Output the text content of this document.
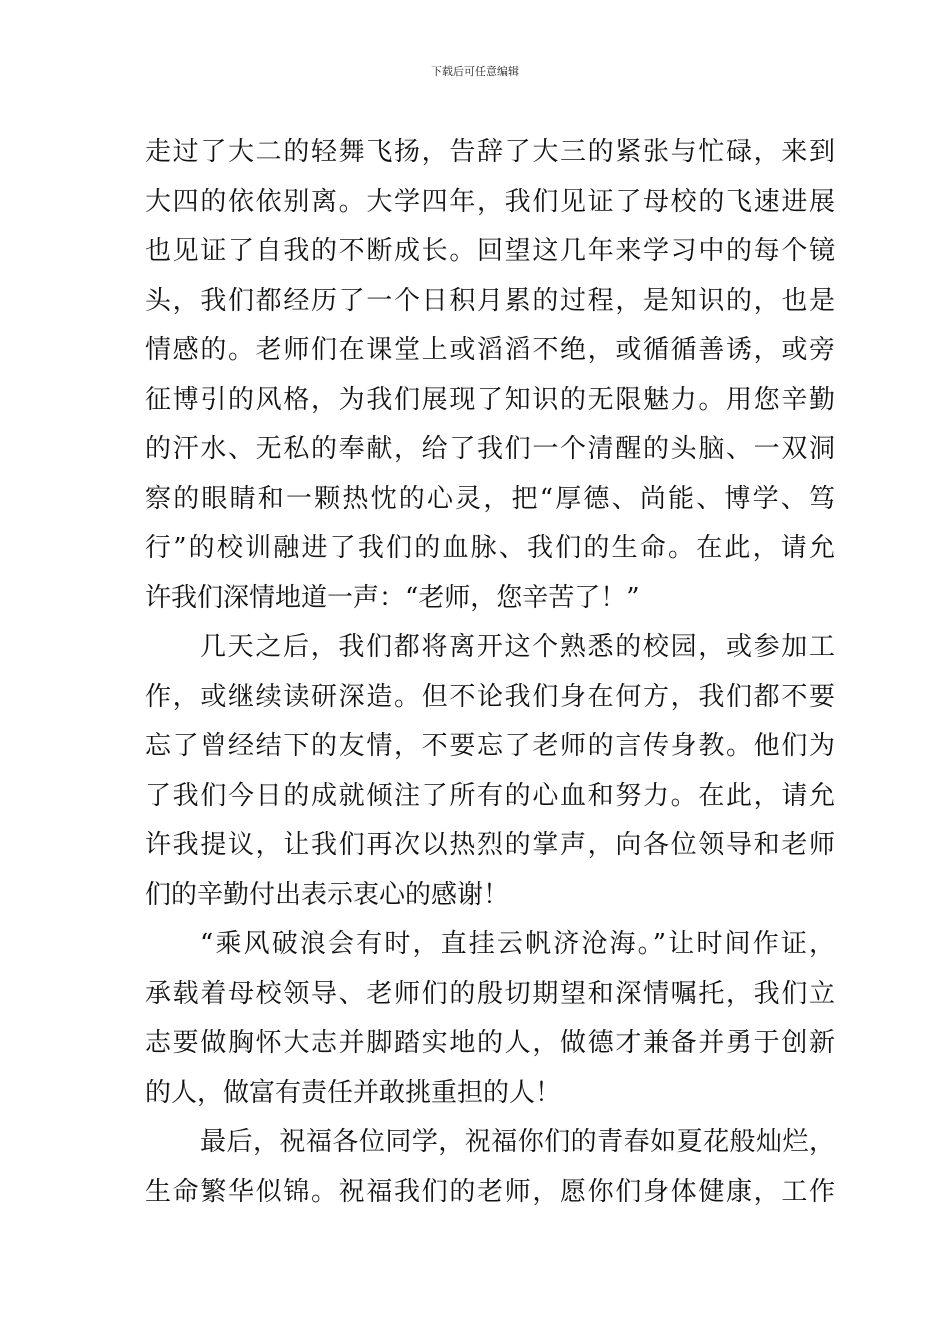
下载后可任意编辑
走过了大二的轻舞飞扬，告辞了大三的紧张与忙碌，来到
大四的依依别离。大学四年，我们见证了母校的飞速进展
也见证了自我的不断成长。回望这几年来学习中的每个镜
头，我们都经历了一个日积月累的过程，是知识的，也是
情感的。老师们在课堂上或滔滔不绝，或循循善诱，或旁
征博引的风格，为我们展现了知识的无限魅力。用您辛勤
的汗水、无私的奉献，给了我们一个清醒的头脑、一双洞
察的眼睛和一颗热忱的心灵，把“厚德、尚能、博学、笃
行”的校训融进了我们的血脉、我们的生命。在此，请允
许我们深情地道一声：“老师，您辛苦了！”
几天之后，我们都将离开这个熟悉的校园，或参加工
作，或继续读研深造。但不论我们身在何方，我们都不要
忘了曾经结下的友情，不要忘了老师的言传身教。他们为
了我们今日的成就倾注了所有的心血和努力。在此，请允
许我提议，让我们再次以热烈的掌声，向各位领导和老师
们的辛勤付出表示衷心的感谢！
“乘风破浪会有时，直挂云帆济沧海。”让时间作证，
承载着母校领导、老师们的殷切期望和深情嘱托，我们立
志要做胸怀大志并脚踏实地的人，做德才兼备并勇于创新
的人，做富有责任并敢挑重担的人！
最后，祝福各位同学，祝福你们的青春如夏花般灿烂，
生命繁华似锦。祝福我们的老师，愿你们身体健康，工作
